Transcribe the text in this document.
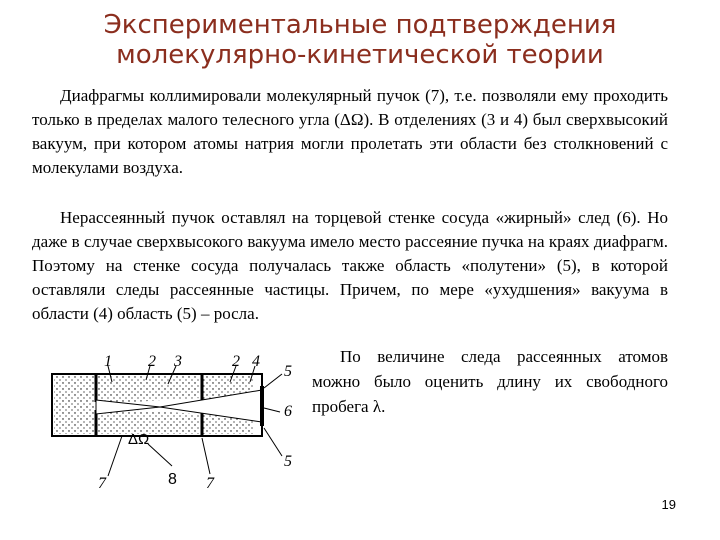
Экспериментальные подтверждения
молекулярно-кинетической теории

Диафрагмы коллимировали молекулярный пучок (7), т.е. позволяли ему проходить только в пределах малого телесного угла (ΔΩ). В отделениях (3 и 4) был сверхвысокий вакуум, при котором атомы натрия могли пролетать эти области без столкновений с молекулами воздуха.

Нерассеянный пучок оставлял на торцевой стенке сосуда «жирный» след (6). Но даже в случае сверхвысокого вакуума имело место рассеяние пучка на краях диафрагм. Поэтому на стенке сосуда получалась также область «полутени» (5), в которой оставляли следы рассеянные частицы. Причем, по мере «ухудшения» вакуума в области (4) область (5) – росла.

По величине следа рассеянных атомов можно было оценить длину их свободного пробега λ.

1 2 3	2 4
5
6
5
7	8 7
ΔΩ
19
